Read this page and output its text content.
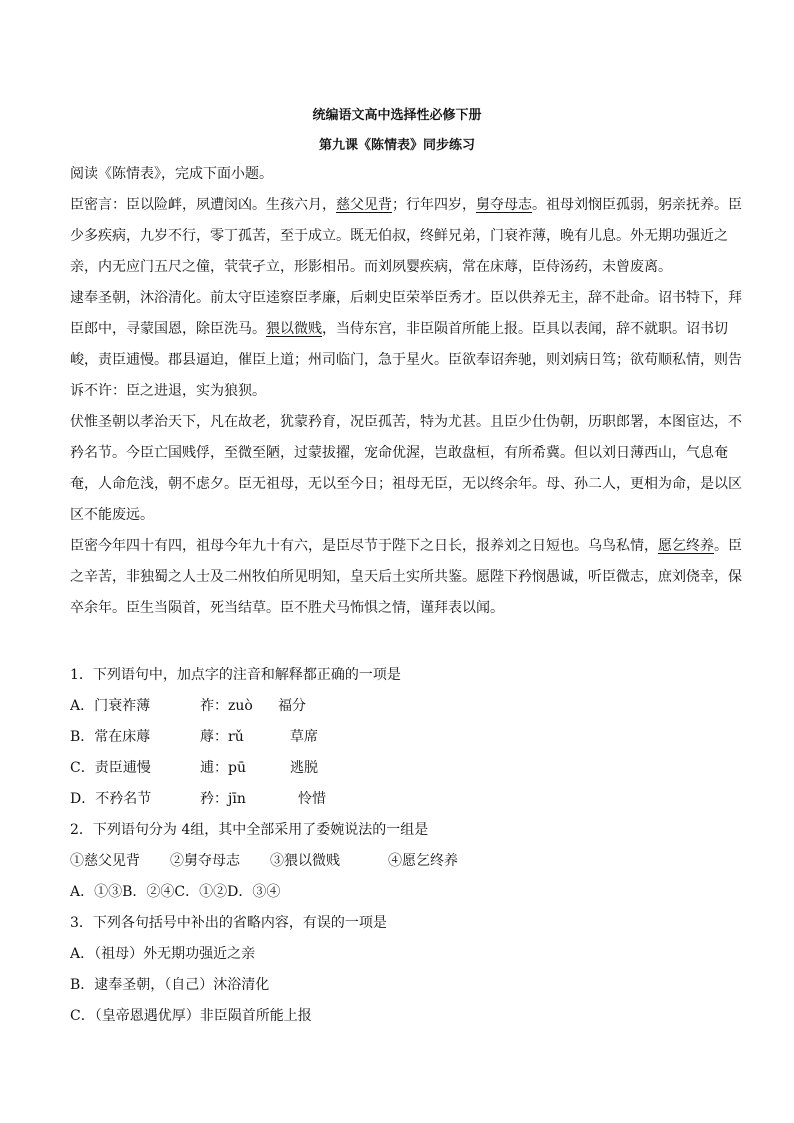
统编语文高中选择性必修下册
第九课《陈情表》同步练习

阅读《陈情表》，完成下面小题。

臣密言：臣以险衅，夙遭闵凶。生孩六月，慈父见背；行年四岁，舅夺母志。祖母刘悯臣孤弱，躬亲抚养。臣少多疾病，九岁不行，零丁孤苦，至于成立。既无伯叔，终鲜兄弟，门衰祚薄，晚有儿息。外无期功强近之亲，内无应门五尺之僮，茕茕孑立，形影相吊。而刘夙婴疾病，常在床蓐，臣侍汤药，未曾废离。

逮奉圣朝，沐浴清化。前太守臣逵察臣孝廉，后刺史臣荣举臣秀才。臣以供养无主，辞不赴命。诏书特下，拜臣郎中，寻蒙国恩，除臣洗马。猥以微贱，当侍东宫，非臣陨首所能上报。臣具以表闻，辞不就职。诏书切峻，责臣逋慢。郡县逼迫，催臣上道；州司临门，急于星火。臣欲奉诏奔驰，则刘病日笃；欲苟顺私情，则告诉不许：臣之进退，实为狼狈。

伏惟圣朝以孝治天下，凡在故老，犹蒙矜育，况臣孤苦，特为尤甚。且臣少仕伪朝，历职郎署，本图宦达，不矜名节。今臣亡国贱俘，至微至陋，过蒙拔擢，宠命优渥，岂敢盘桓，有所希冀。但以刘日薄西山，气息奄奄，人命危浅，朝不虑夕。臣无祖母，无以至今日；祖母无臣，无以终余年。母、孙二人，更相为命，是以区区不能废远。

臣密今年四十有四，祖母今年九十有六，是臣尽节于陛下之日长，报养刘之日短也。乌鸟私情，愿乞终养。臣之辛苦，非独蜀之人士及二州牧伯所见明知，皇天后土实所共鉴。愿陛下矜悯愚诚，听臣微志，庶刘侥幸，保卒余年。臣生当陨首，死当结草。臣不胜犬马怖惧之情，谨拜表以闻。

1．下列语句中，加点字的注音和解释都正确的一项是
A．门衰祚薄	祚：zuò	福分
B．常在床蓐	蓐：rǔ	草席
C．责臣逋慢	逋：pū	逃脱
D．不矜名节	矜：jīn	怜惜
2．下列语句分为 4组，其中全部采用了委婉说法的一组是
①慈父见背	②舅夺母志	③猥以微贱	④愿乞终养
A．①③B．②④C．①②D．③④
3．下列各句括号中补出的省略内容，有误的一项是
A．（祖母）外无期功强近之亲
B．逮奉圣朝，（自己）沐浴清化
C．（皇帝恩遇优厚）非臣陨首所能上报
